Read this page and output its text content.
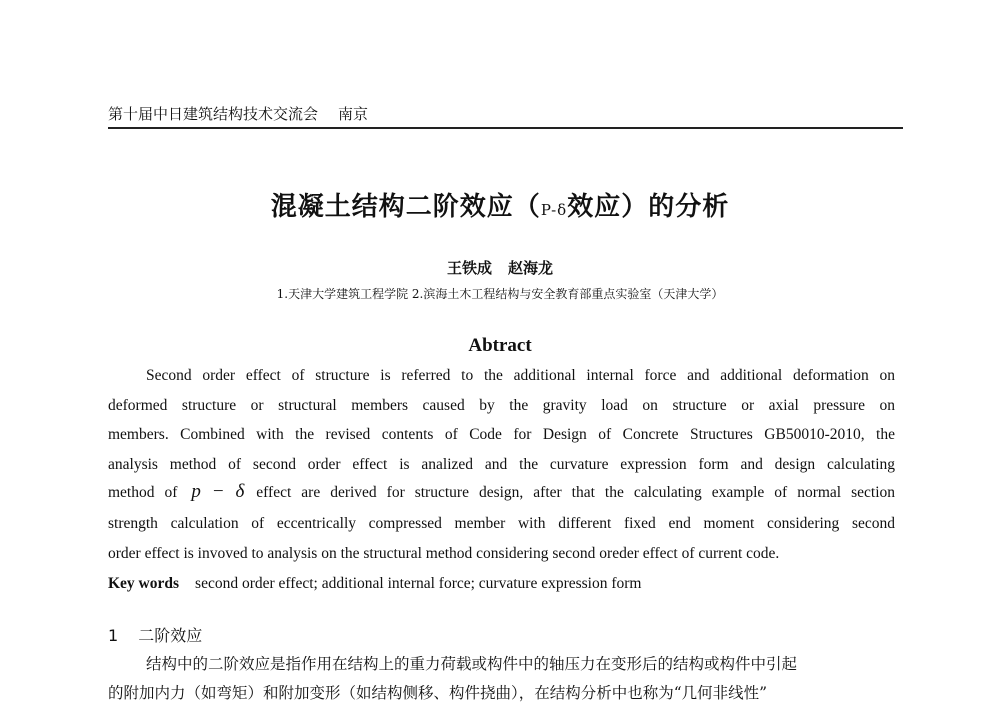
第十届中日建筑结构技术交流会 南京
混凝土结构二阶效应（P-δ效应）的分析
王铁成 赵海龙
1.天津大学建筑工程学院 2.滨海土木工程结构与安全教育部重点实验室（天津大学）
Abtract
Second order effect of structure is referred to the additional internal force and additional deformation on
deformed structure or structural members caused by the gravity load on structure or axial pressure on
members. Combined with the revised contents of Code for Design of Concrete Structures GB50010-2010, the
analysis method of second order effect is analized and the curvature expression form and design calculating
method of p − δ effect are derived for structure design, after that the calculating example of normal section
strength calculation of eccentrically compressed member with different fixed end moment considering second
order effect is invoved to analysis on the structural method considering second oreder effect of current code.
Key words second order effect; additional internal force; curvature expression form
1 二阶效应
结构中的二阶效应是指作用在结构上的重力荷载或构件中的轴压力在变形后的结构或构件中引起
的附加内力（如弯矩）和附加变形（如结构侧移、构件挠曲），在结构分析中也称为“几何非线性”
